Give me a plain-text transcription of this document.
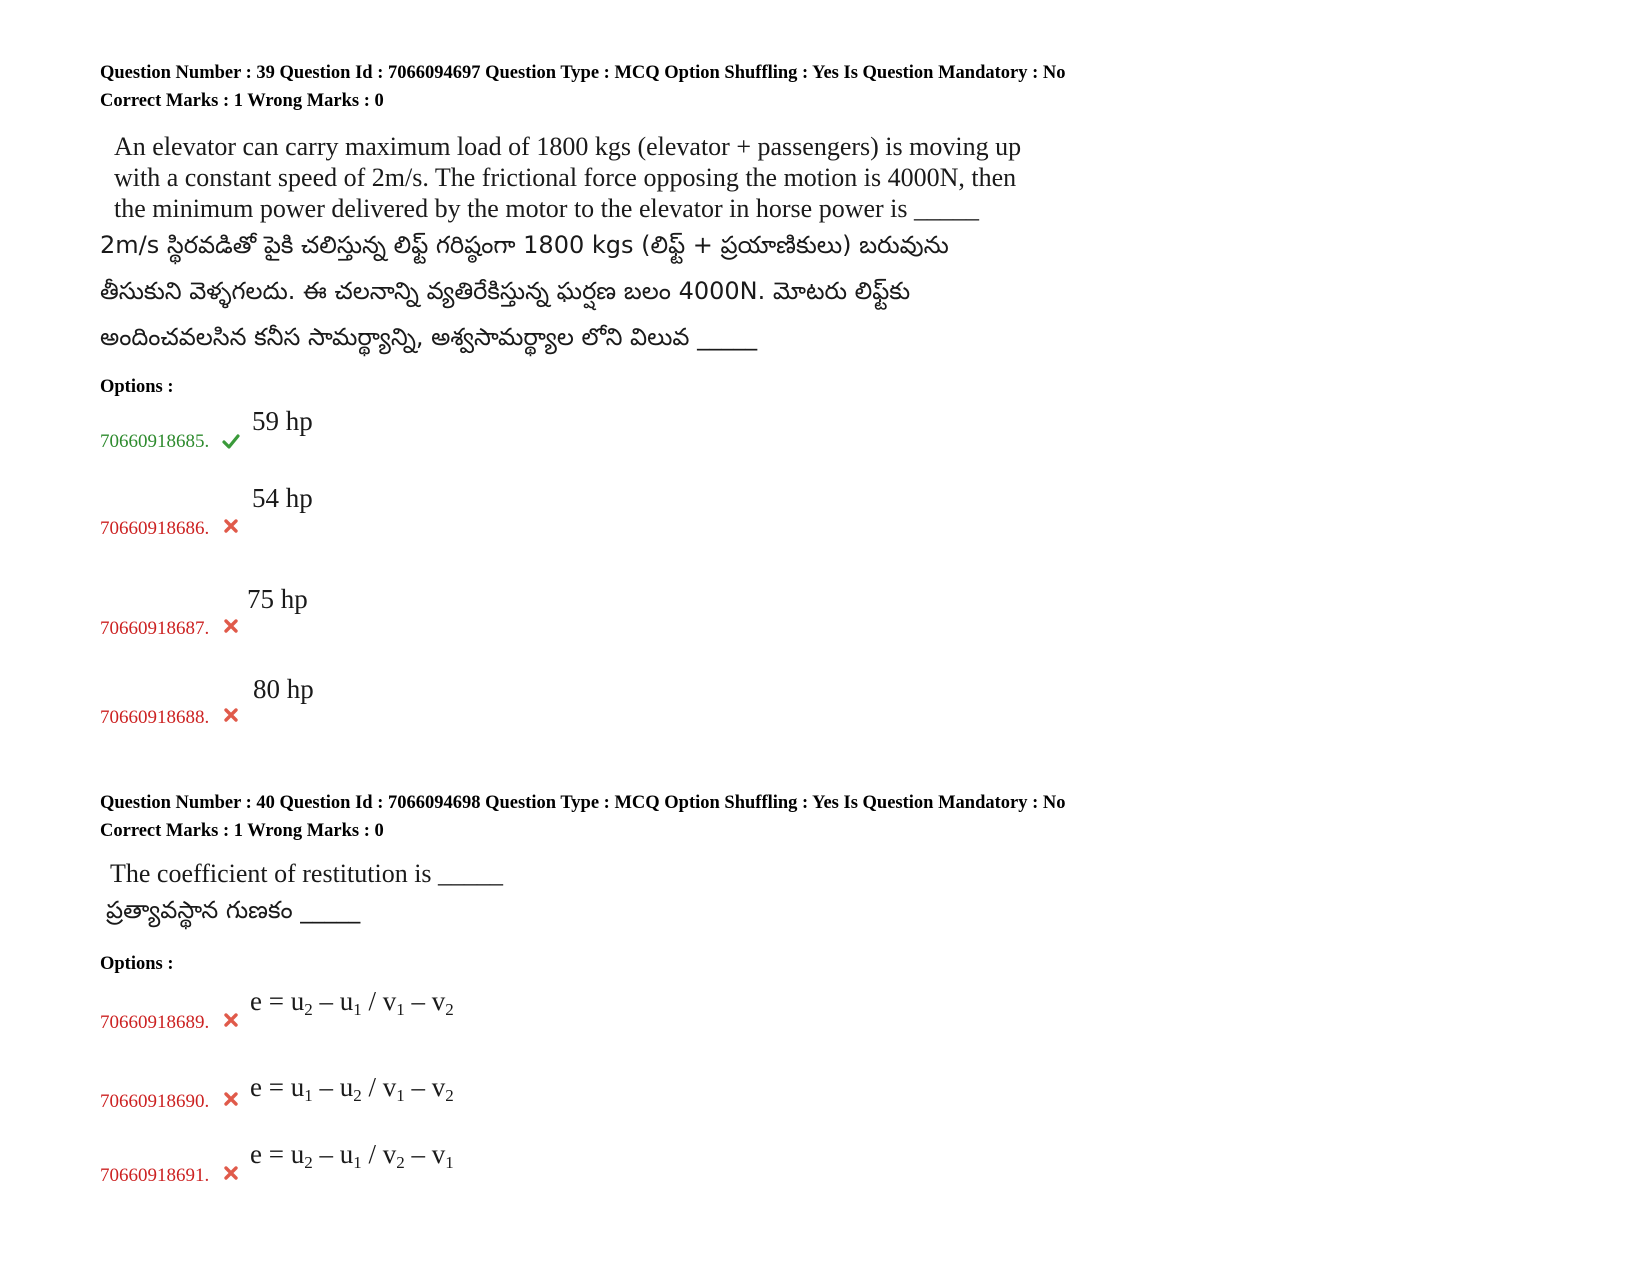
Question Number : 39 Question Id : 7066094697 Question Type : MCQ Option Shuffling : Yes Is Question Mandatory : No
Correct Marks : 1 Wrong Marks : 0
An elevator can carry maximum load of 1800 kgs (elevator + passengers) is moving up
with a constant speed of 2m/s. The frictional force opposing the motion is 4000N, then
the minimum power delivered by the motor to the elevator in horse power is _____
2m/s స్థిరవడితో పైకి చలిస్తున్న లిఫ్ట్ గరిష్ఠంగా 1800 kgs (లిఫ్ట్ + ప్రయాణికులు) బరువును
తీసుకుని వెళ్ళగలదు. ఈ చలనాన్ని వ్యతిరేకిస్తున్న ఘర్షణ బలం 4000N. మోటరు లిఫ్ట్‌కు
అందించవలసిన కనీస సామర్థ్యాన్ని, అశ్వసామర్థ్యాల లోని విలువ _____
Options :
70660918685.
59 hp
70660918686.
54 hp
70660918687.
75 hp
70660918688.
80 hp
Question Number : 40 Question Id : 7066094698 Question Type : MCQ Option Shuffling : Yes Is Question Mandatory : No
Correct Marks : 1 Wrong Marks : 0
The coefficient of restitution is _____
ప్రత్యావస్థాన గుణకం _____
Options :
70660918689.
$e = u_2 - u_1 / v_1 - v_2$
70660918690. $e = u_1 - u_2 / v_1 - v_2$
70660918691.
$e = u_2 - u_1 / v_2 - v_1$
